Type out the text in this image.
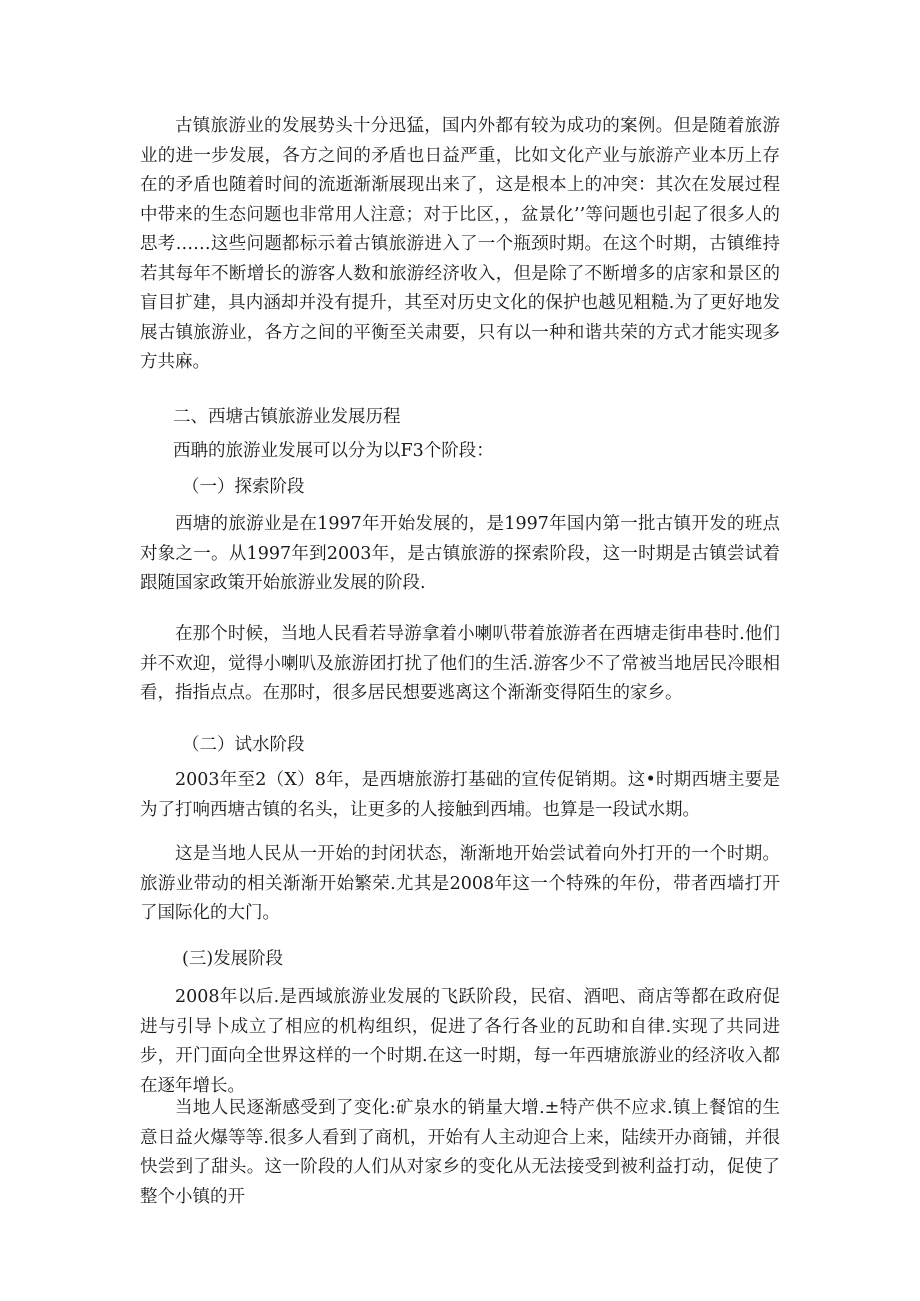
古镇旅游业的发展势头十分迅猛，国内外都有较为成功的案例。但是随着旅游业的进一步发展，各方之间的矛盾也日益严重，比如文化产业与旅游产业本历上存在的矛盾也随着时间的流逝渐渐展现出来了，这是根本上的冲突：其次在发展过程中带来的生态问题也非常用人注意；对于比区，，盆景化’’等问题也引起了很多人的思考……这些问题都标示着古镇旅游进入了一个瓶颈时期。在这个时期，古镇维持若其每年不断增长的游客人数和旅游经济收入，但是除了不断增多的店家和景区的盲目扩建，具内涵却并没有提升，其至对历史文化的保护也越见粗糙.为了更好地发展古镇旅游业，各方之间的平衡至关肃要，只有以一种和谐共荣的方式才能实现多方共麻。

二、西塘古镇旅游业发展历程

西聃的旅游业发展可以分为以F3个阶段：

（一）探索阶段

西塘的旅游业是在1997年开始发展的，是1997年国内第一批古镇开发的班点对象之一。从1997年到2003年，是古镇旅游的探索阶段，这一时期是古镇尝试着跟随国家政策开始旅游业发展的阶段.

在那个时候，当地人民看若导游拿着小喇叭带着旅游者在西塘走街串巷时.他们并不欢迎，觉得小喇叭及旅游团打扰了他们的生活.游客少不了常被当地居民冷眼相看，指指点点。在那时，很多居民想要逃离这个渐渐变得陌生的家乡。

（二）试水阶段

2003年至2（X）8年，是西塘旅游打基础的宣传促销期。这•时期西塘主要是为了打响西塘古镇的名头，让更多的人接触到西埔。也算是一段试水期。

这是当地人民从一开始的封闭状态，渐渐地开始尝试着向外打开的一个时期。旅游业带动的相关渐渐开始繁荣.尤其是2008年这一个特殊的年份，带者西墙打开了国际化的大门。

(三)发展阶段

2008年以后.是西域旅游业发展的飞跃阶段，民宿、酒吧、商店等都在政府促进与引导卜成立了相应的机构组织，促进了各行各业的瓦助和自律.实现了共同进步，开门面向全世界这样的一个时期.在这一时期，每一年西塘旅游业的经济收入都在逐年增长。

当地人民逐渐感受到了变化:矿泉水的销量大增.±特产供不应求.镇上餐馆的生意日益火爆等等.很多人看到了商机，开始有人主动迎合上来，陆续开办商铺，并很快尝到了甜头。这一阶段的人们从对家乡的变化从无法接受到被利益打动，促使了整个小镇的开
